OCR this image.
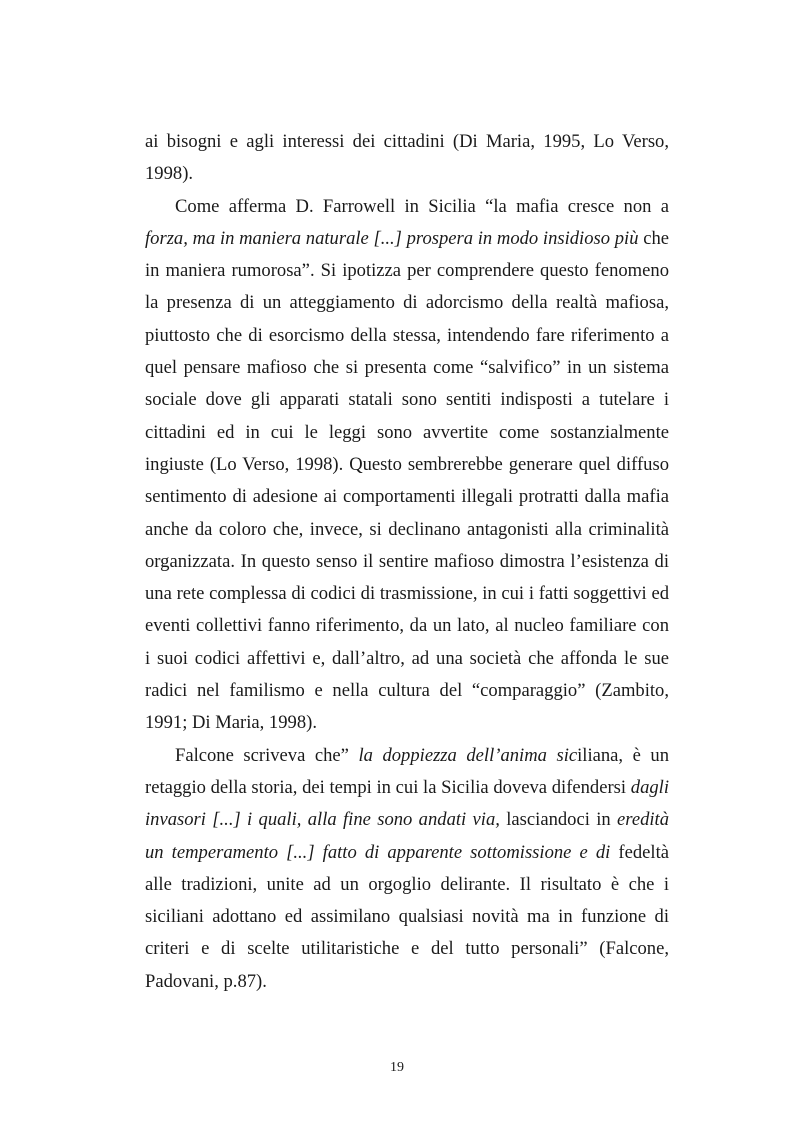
ai bisogni e agli interessi dei cittadini (Di Maria, 1995, Lo Verso, 1998).

Come afferma D. Farrowell in Sicilia “la mafia cresce non a forza, ma in maniera naturale [...] prospera in modo insidioso più che in maniera rumorosa”. Si ipotizza per comprendere questo fenomeno la presenza di un atteggiamento di adorcismo della realtà mafiosa, piuttosto che di esorcismo della stessa, intendendo fare riferimento a quel pensare mafioso che si presenta come “salvifico” in un sistema sociale dove gli apparati statali sono sentiti indisposti a tutelare i cittadini ed in cui le leggi sono avvertite come sostanzialmente ingiuste (Lo Verso, 1998). Questo sembrerebbe generare quel diffuso sentimento di adesione ai comportamenti illegali protratti dalla mafia anche da coloro che, invece, si declinano antagonisti alla criminalità organizzata. In questo senso il sentire mafioso dimostra l’esistenza di una rete complessa di codici di trasmissione, in cui i fatti soggettivi ed eventi collettivi fanno riferimento, da un lato, al nucleo familiare con i suoi codici affettivi e, dall’altro, ad una società che affonda le sue radici nel familismo e nella cultura del “comparaggio” (Zambito, 1991; Di Maria, 1998).

Falcone scriveva che” la doppiezza dell’anima siciliana, è un retaggio della storia, dei tempi in cui la Sicilia doveva difendersi dagli invasori [...] i quali, alla fine sono andati via, lasciandoci in eredità un temperamento [...] fatto di apparente sottomissione e di fedeltà alle tradizioni, unite ad un orgoglio delirante. Il risultato è che i siciliani adottano ed assimilano qualsiasi novità ma in funzione di criteri e di scelte utilitaristiche e del tutto personali” (Falcone, Padovani, p.87).

19
